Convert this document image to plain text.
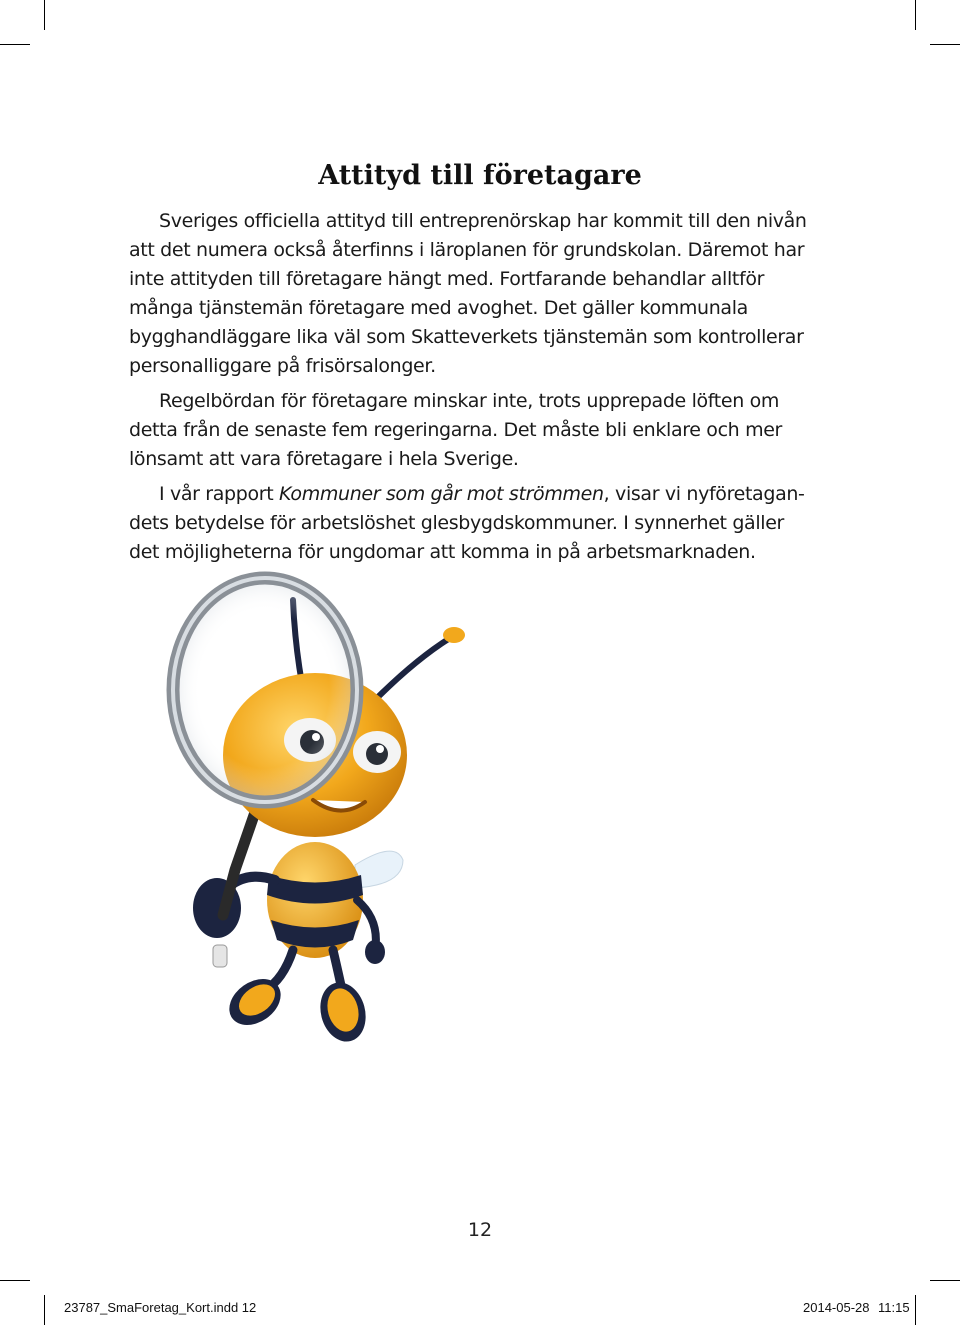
Attityd till företagare

Sveriges officiella attityd till entreprenörskap har kommit till den nivån
att det numera också återfinns i läroplanen för grundskolan. Däremot har
inte attityden till företagare hängt med. Fortfarande behandlar alltför
många tjänstemän företagare med avoghet. Det gäller kommunala
bygghandläggare lika väl som Skatteverkets tjänstemän som kontrollerar
personalliggare på frisörsalonger.

Regelbördan för företagare minskar inte, trots upprepade löften om
detta från de senaste fem regeringarna. Det måste bli enklare och mer
lönsamt att vara företagare i hela Sverige.

I vår rapport Kommuner som går mot strömmen, visar vi nyföretagan-
dets betydelse för arbetslöshet glesbygdskommuner. I synnerhet gäller
det möjligheterna för ungdomar att komma in på arbetsmarknaden.

12
23787_SmaForetag_Kort.indd 12	2014-05-28 11:15
